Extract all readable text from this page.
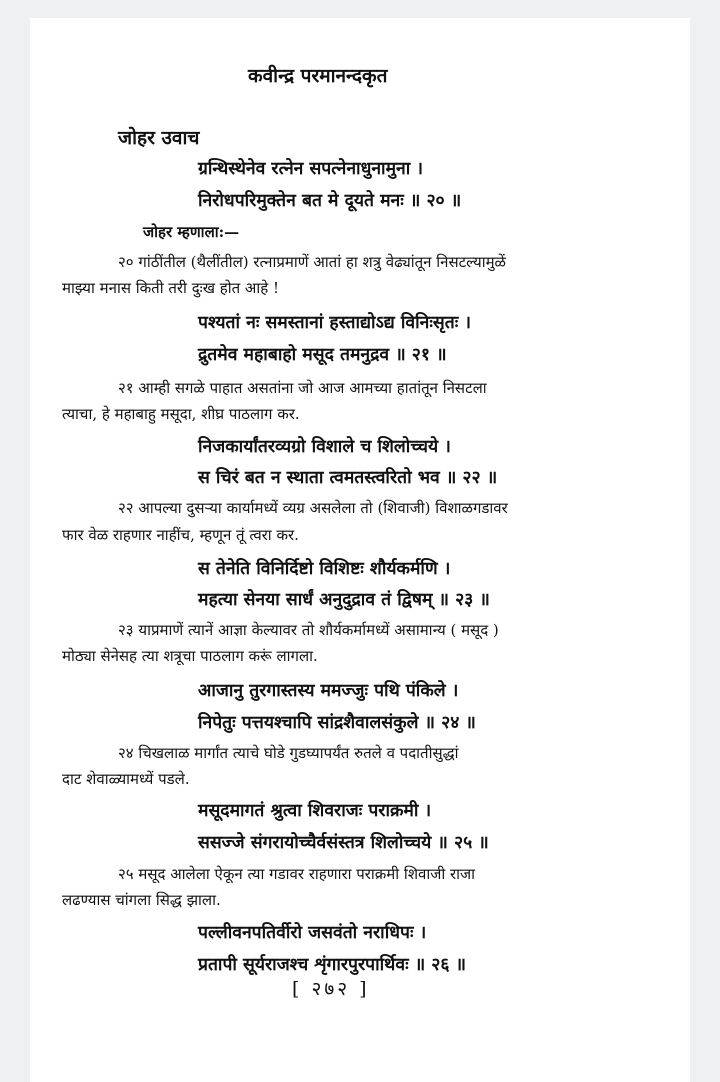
कवीन्द्र परमानन्दकृत

जोहर उवाच

ग्रन्थिस्थेनेव रत्नेन सपत्नेनाधुनामुना ।

निरोधपरिमुक्तेन बत मे दूयते मनः ॥ २० ॥

जोहर म्हणाला:—

२० गांठींतील (थैलींतील) रत्नाप्रमाणें आतां हा शत्रु वेढ्यांतून निसटल्यामुळें

माझ्या मनास किती तरी दुःख होत आहे !

पश्यतां नः समस्तानां हस्ताद्योऽद्य विनिःसृतः ।

द्रुतमेव महाबाहो मसूद तमनुद्रव ॥ २१ ॥

२१ आम्ही सगळे पाहात असतांना जो आज आमच्या हातांतून निसटला

त्याचा, हे महाबाहु मसूदा, शीघ्र पाठलाग कर.

निजकार्यांतरव्यग्रो विशाले च शिलोच्चये ।

स चिरं बत न स्थाता त्वमतस्त्वरितो भव ॥ २२ ॥

२२ आपल्या दुसऱ्या कार्यामध्यें व्यग्र असलेला तो (शिवाजी) विशाळगडावर

फार वेळ राहणार नाहींच, म्हणून तूं त्वरा कर.

स तेनेति विनिर्दिष्टो विशिष्टः शौर्यकर्मणि ।

महत्या सेनया सार्धं अनुदुद्राव तं द्विषम् ॥ २३ ॥

२३ याप्रमाणें त्यानें आज्ञा केल्यावर तो शौर्यकर्मामध्यें असामान्य ( मसूद )

मोठ्या सेनेसह त्या शत्रूचा पाठलाग करूं लागला.

आजानु तुरगास्तस्य ममज्जुः पथि पंकिले ।

निपेतुः पत्तयश्चापि सांद्रशैवालसंकुले ॥ २४ ॥

२४ चिखलाळ मार्गांत त्याचे घोडे गुडघ्यापर्यंत रुतले व पदातीसुद्धां

दाट शेवाळ्यामध्यें पडले.

मसूदमागतं श्रुत्वा शिवराजः पराक्रमी ।

ससज्जे संगरायोच्चैर्वसंस्तत्र शिलोच्चये ॥ २५ ॥

२५ मसूद आलेला ऐकून त्या गडावर राहणारा पराक्रमी शिवाजी राजा

लढण्यास चांगला सिद्ध झाला.

पल्लीवनपतिर्वीरो जसवंतो नराधिपः ।

प्रतापी सूर्यराजश्च शृंगारपुरपार्थिवः ॥ २६ ॥

[ २७२ ]
